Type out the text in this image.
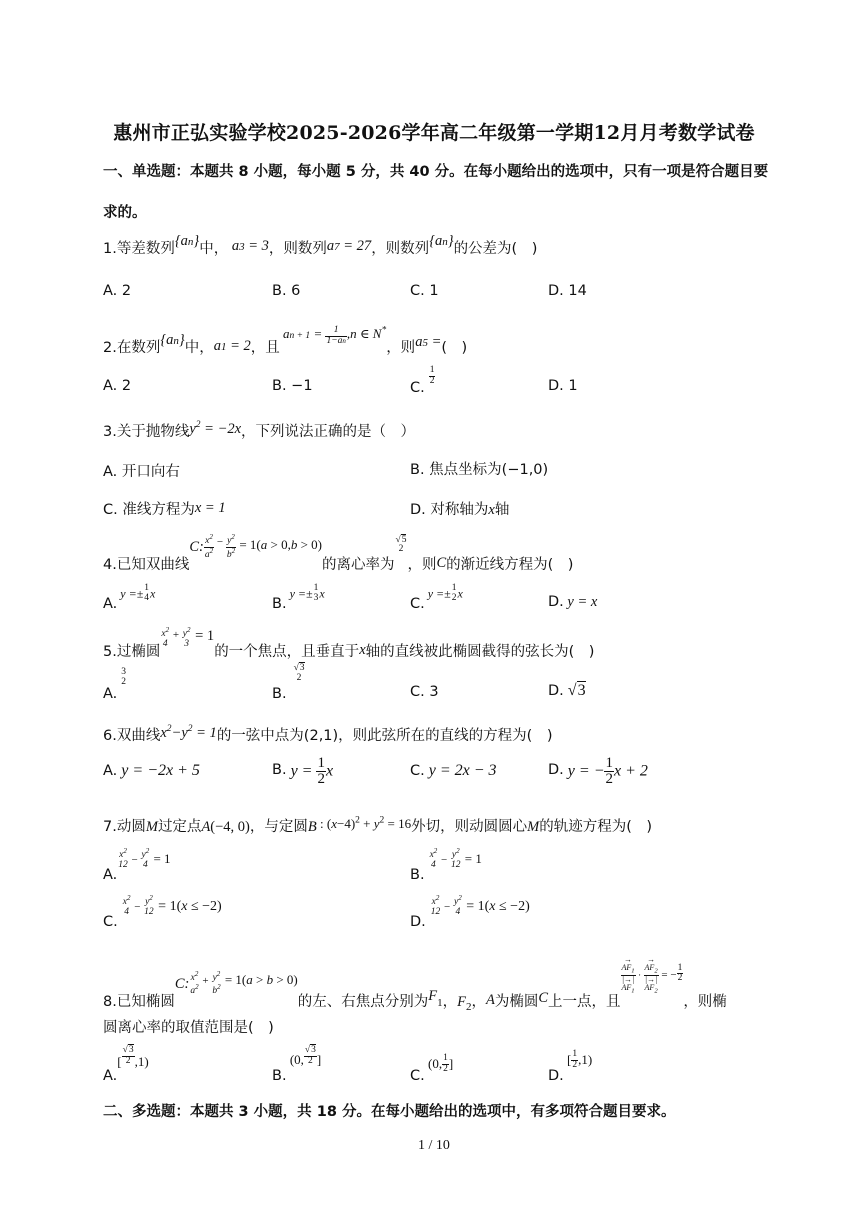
惠州市正弘实验学校2025-2026学年高二年级第一学期12月月考数学试卷
一、单选题：本题共 8 小题，每小题 5 分，共 40 分。在每小题给出的选项中，只有一项是符合题目要
求的。
1.等差数列{an}中， a3 = 3，则数列a7 = 27，则数列{an}的公差为(　)
A. 2	B. 6	C. 1	D. 14
2.在数列{an}中，a1 = 2，且 an + $1 = \frac{1}{1-an} ,n$ ∈ N*，则a5 =(　)
A. 2	B. −1	C.
$\frac{1}{2}$	D. 1
3.关于抛物线$y^2 = -2x$，下列说法正确的是（　）
A. 开口向右	B. 焦点坐标为(−1,0)
C. 准线方程为x = 1	D. 对称轴为x轴
4.已知双曲线C: $\frac{x^2}{a^2} - \frac{y^2}{b^2} = 1(a > 0,b > 0)$的离心率为
√5
2
，则C的渐近线方程为(　)
A. y =± 1
4 x
B. y =± 1
3 x
C. y =± 1
2 x
D. y = x
5.过椭圆
$x^2$
4
+ $y^2$
3 = 1的一个焦点，且垂直于x轴的直线被此椭圆截得的弦长为(　)
A.
3
2
B.
√3
2
C. 3	D. √3
6.双曲线$x^2-y^2 = 1$的一弦中点为(2,1)，则此弦所在的直线的方程为(　)
A. y = −2x + 5	B. $y = \frac{1}{2}$ x	C. y = 2x − 3	D. y = − $\frac{1}{2}$ x + 2
7.动圆M过定点A(−4, 0)，与定圆B : $(x-4)^2 + y^2 = 16$外切，则动圆圆心M的轨迹方程为(　)
A.
$x^2$
$12 - y^2$
4 = 1
B.
$x^2$
$4 - y^2$
12 = 1
C.
$x^2$
$4 - y^2$
12 = 1(x ≤ −2)
D.
$x^2$
$12 - y^2$
4 = 1(x ≤ −2)
8.已知椭圆C: $x^2$
$a^2$ $_+$ $y^2$
$b^2 = 1(a > b > 0)$的左、右焦点分别为$F_1$，$F_2$，A为椭圆C上一点，且
→
$AF_1$
|→|
$AF_1$
$_\cdot$
→
$AF_2$
|→|
$AF_2$
$_{= -} \frac{1}{2}$
，则椭
圆离心率的取值范围是(　)
$A.[ \frac{√3}{2} ,1)$
B. (0, $\frac{√3}{2}$ ]
C. (0, $\frac{1}{2}$ ]
D. [ $\frac{1}{2} ,1$)
二、多选题：本题共 3 小题，共 18 分。在每小题给出的选项中，有多项符合题目要求。
1 / 10
